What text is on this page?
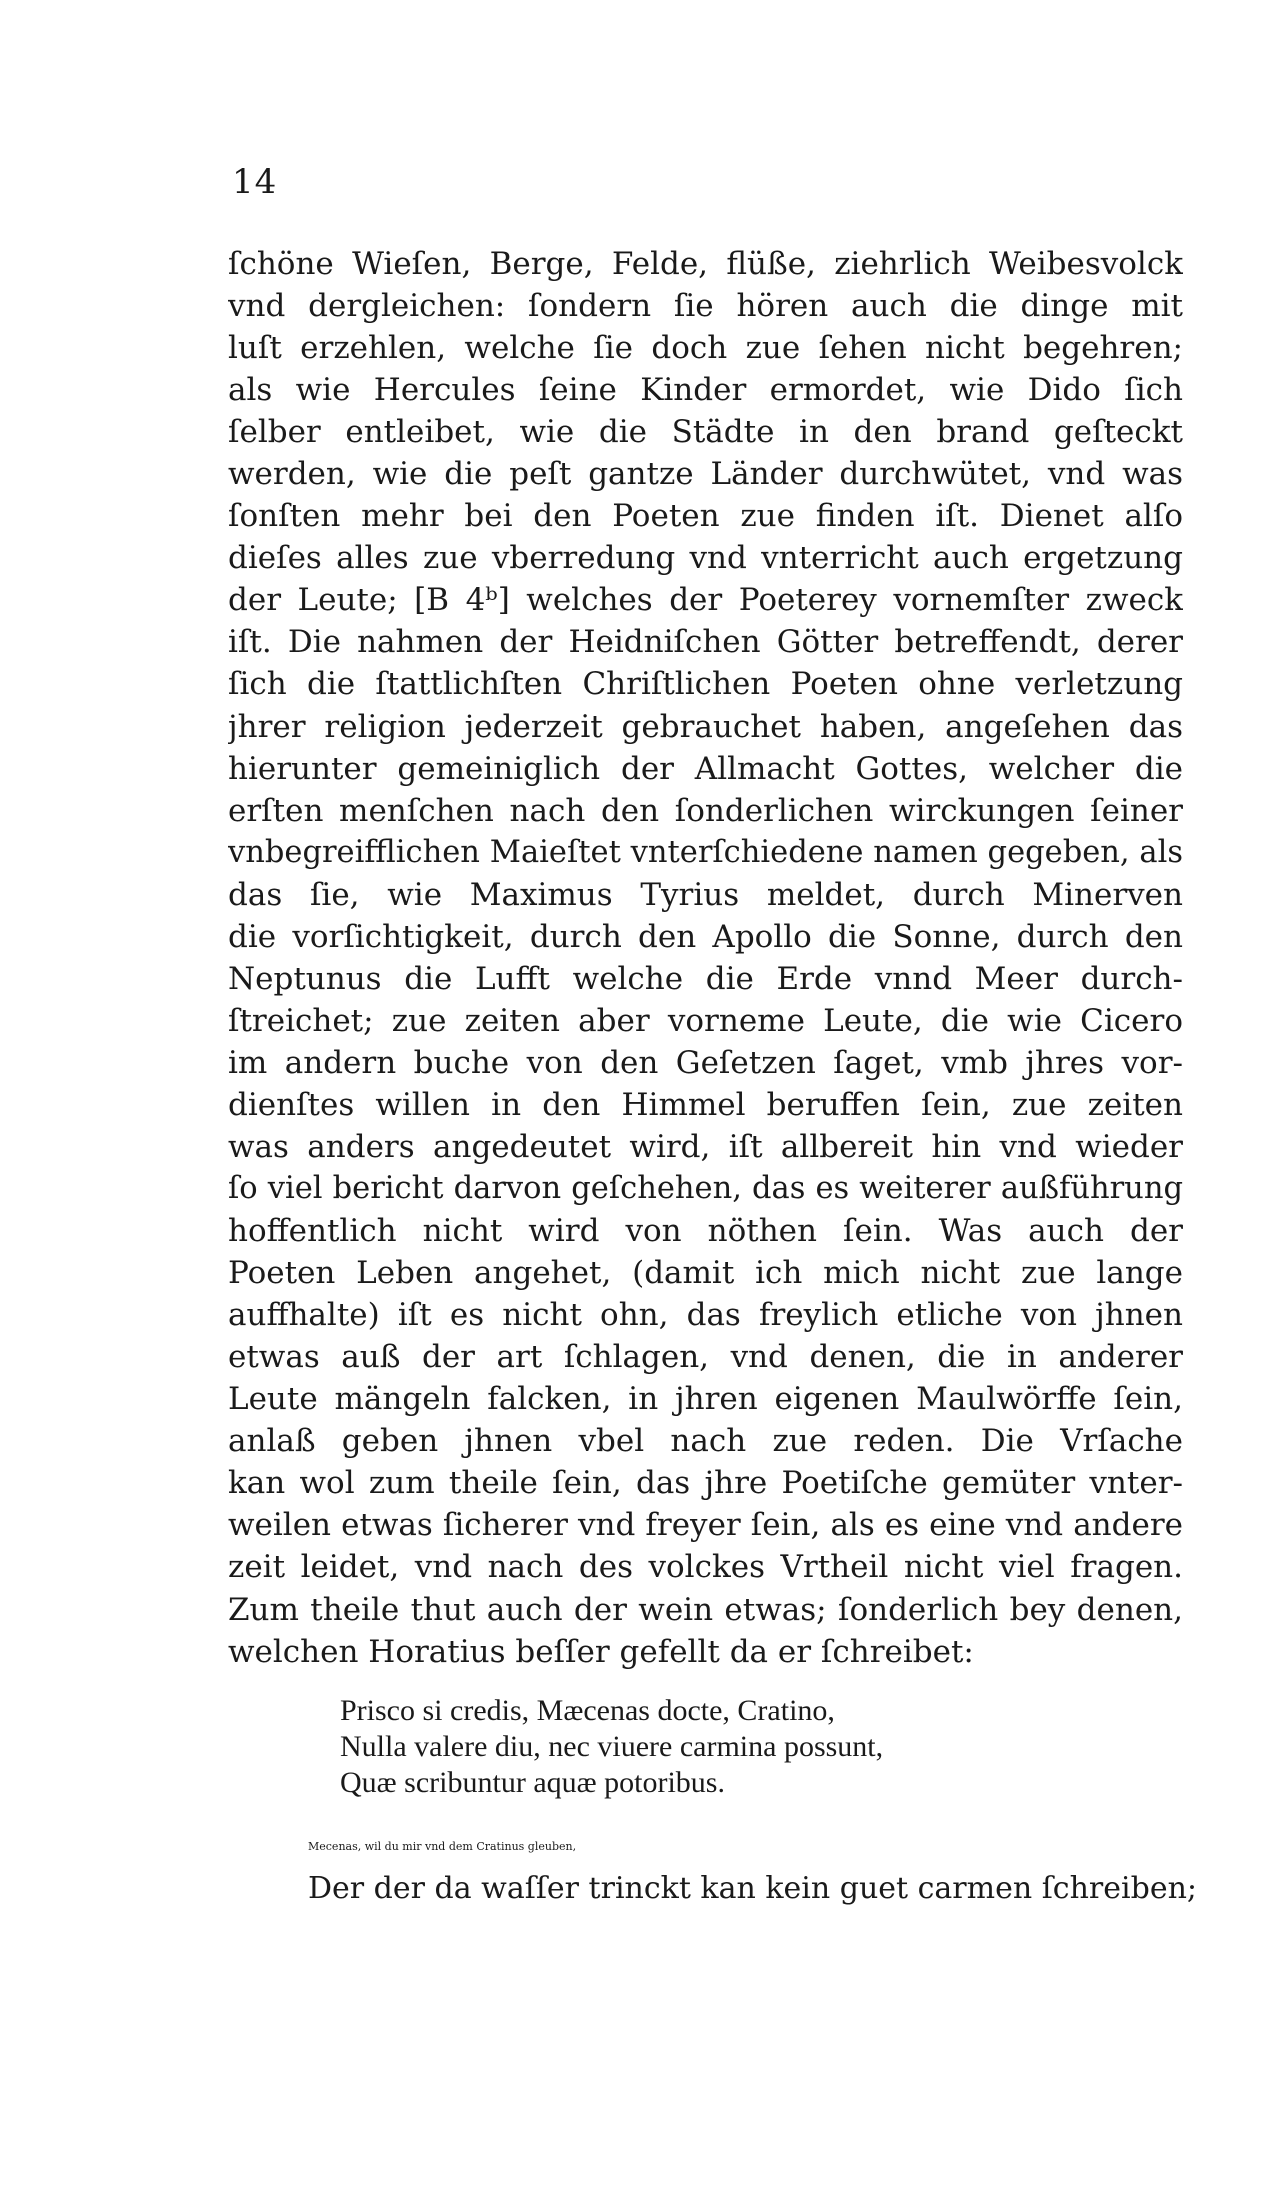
14
ſchöne Wieſen, Berge, Felde, flüße, ziehrlich Weibesvolck
vnd dergleichen: ſondern ſie hören auch die dinge mit
luſt erzehlen, welche ſie doch zue ſehen nicht begehren;
als wie Hercules ſeine Kinder ermordet, wie Dido ſich
ſelber entleibet, wie die Städte in den brand geſteckt
werden, wie die peſt gantze Länder durchwütet, vnd was
ſonſten mehr bei den Poeten zue finden iſt. Dienet alſo
dieſes alles zue vberredung vnd vnterricht auch ergetzung
der Leute; [B 4ᵇ] welches der Poeterey vornemſter zweck
iſt. Die nahmen der Heidniſchen Götter betreffendt, derer
ſich die ſtattlichſten Chriſtlichen Poeten ohne verletzung
jhrer religion jederzeit gebrauchet haben, angeſehen das
hierunter gemeiniglich der Allmacht Gottes, welcher die
erſten menſchen nach den ſonderlichen wirckungen ſeiner
vnbegreifflichen Maieſtet vnterſchiedene namen gegeben, als
das ſie, wie Maximus Tyrius meldet, durch Minerven
die vorſichtigkeit, durch den Apollo die Sonne, durch den
Neptunus die Lufft welche die Erde vnnd Meer durch-
ſtreichet; zue zeiten aber vorneme Leute, die wie Cicero
im andern buche von den Geſetzen ſaget, vmb jhres vor-
dienſtes willen in den Himmel beruffen ſein, zue zeiten
was anders angedeutet wird, iſt allbereit hin vnd wieder
ſo viel bericht darvon geſchehen, das es weiterer außführung
hoffentlich nicht wird von nöthen ſein. Was auch der
Poeten Leben angehet, (damit ich mich nicht zue lange
auffhalte) iſt es nicht ohn, das freylich etliche von jhnen
etwas auß der art ſchlagen, vnd denen, die in anderer
Leute mängeln falcken, in jhren eigenen Maulwörffe ſein,
anlaß geben jhnen vbel nach zue reden. Die Vrſache
kan wol zum theile ſein, das jhre Poetiſche gemüter vnter-
weilen etwas ſicherer vnd freyer ſein, als es eine vnd andere
zeit leidet, vnd nach des volckes Vrtheil nicht viel fragen.
Zum theile thut auch der wein etwas; ſonderlich bey denen,
welchen Horatius beſſer gefellt da er ſchreibet:
Prisco si credis, Mæcenas docte, Cratino,
Nulla valere diu, nec viuere carmina possunt,
Quæ scribuntur aquæ potoribus.
Mecenas, wil du mir vnd dem Cratinus gleuben,
Der der da waſſer trinckt kan kein guet carmen ſchreiben;
